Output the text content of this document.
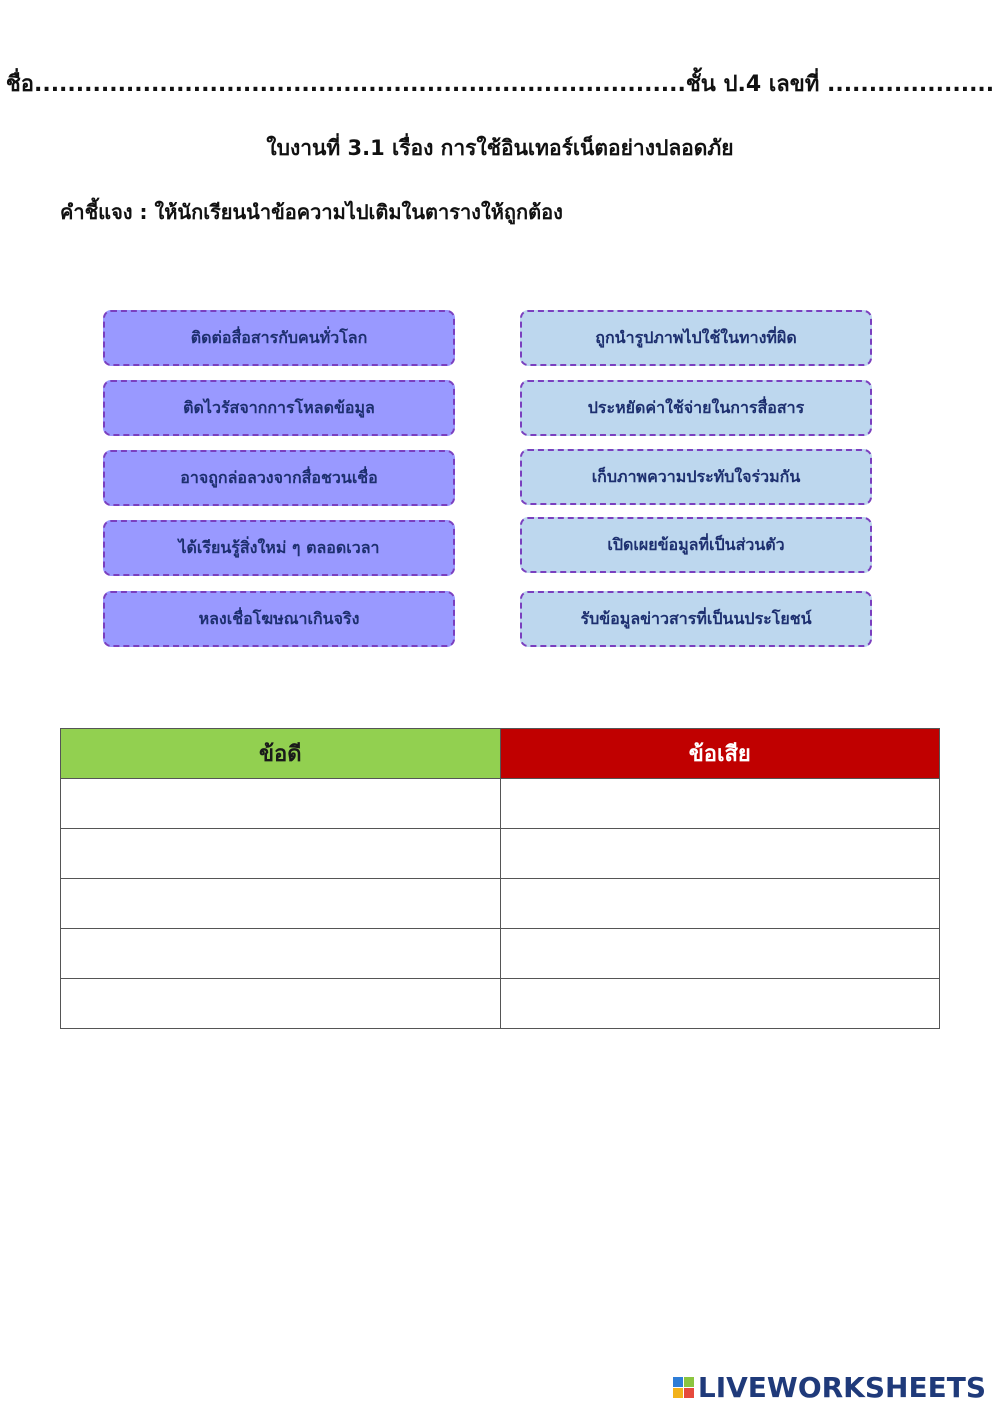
ชื่อ..............................................................................ชั้น ป.4 เลขที่ ....................
ใบงานที่ 3.1 เรื่อง การใช้อินเทอร์เน็ตอย่างปลอดภัย
คำชี้แจง : ให้นักเรียนนำข้อความไปเติมในตารางให้ถูกต้อง
ติดต่อสื่อสารกับคนทั่วโลก
ติดไวรัสจากการโหลดข้อมูล
อาจถูกล่อลวงจากสื่อชวนเชื่อ
ได้เรียนรู้สิ่งใหม่ ๆ ตลอดเวลา
หลงเชื่อโฆษณาเกินจริง
ถูกนำรูปภาพไปใช้ในทางที่ผิด
ประหยัดค่าใช้จ่ายในการสื่อสาร
เก็บภาพความประทับใจร่วมกัน
เปิดเผยข้อมูลที่เป็นส่วนตัว
รับข้อมูลข่าวสารที่เป็นนประโยชน์
ข้อดี	ข้อเสีย

LIVEWORKSHEETS
